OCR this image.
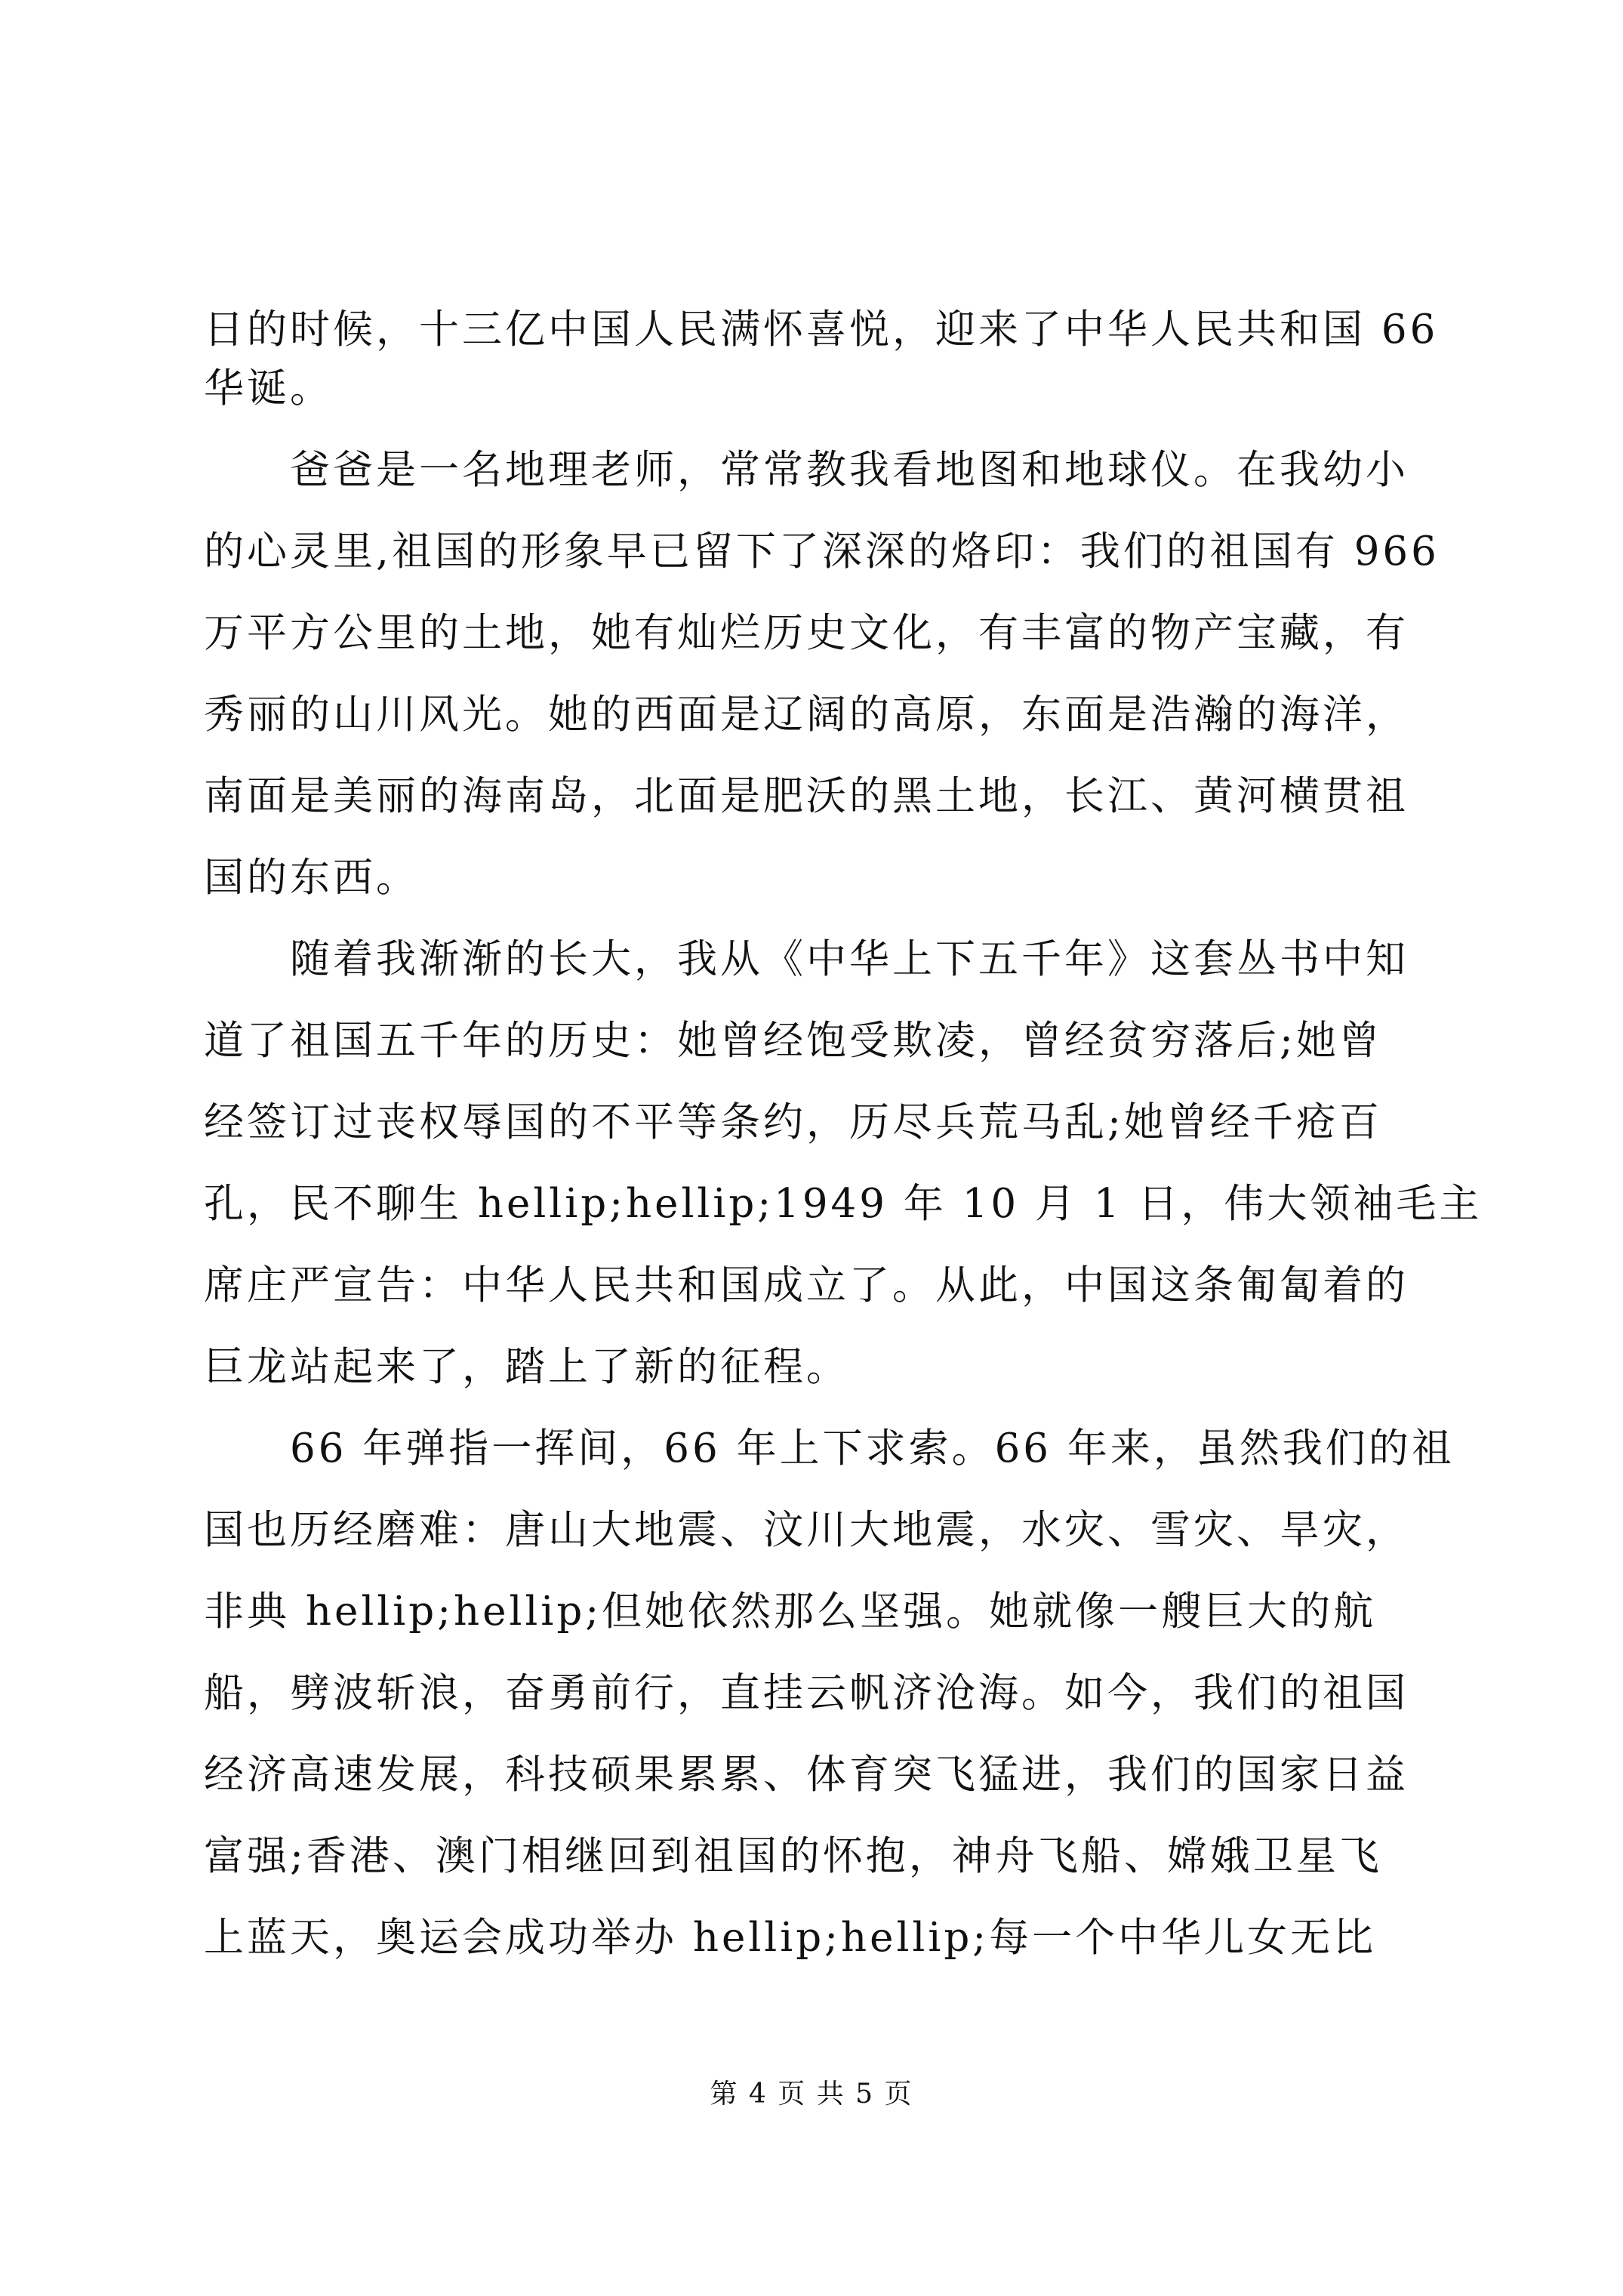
日的时候，十三亿中国人民满怀喜悦，迎来了中华人民共和国 66
华诞。
　　爸爸是一名地理老师，常常教我看地图和地球仪。在我幼小
的心灵里,祖国的形象早已留下了深深的烙印：我们的祖国有 966
万平方公里的土地，她有灿烂历史文化，有丰富的物产宝藏，有
秀丽的山川风光。她的西面是辽阔的高原，东面是浩瀚的海洋，
南面是美丽的海南岛，北面是肥沃的黑土地，长江、黄河横贯祖
国的东西。
　　随着我渐渐的长大，我从《中华上下五千年》这套丛书中知
道了祖国五千年的历史：她曾经饱受欺凌，曾经贫穷落后;她曾
经签订过丧权辱国的不平等条约，历尽兵荒马乱;她曾经千疮百
孔，民不聊生 hellip;hellip;1949 年 10 月 1 日，伟大领袖毛主
席庄严宣告：中华人民共和国成立了。从此，中国这条匍匐着的
巨龙站起来了，踏上了新的征程。
　　66 年弹指一挥间，66 年上下求索。66 年来，虽然我们的祖
国也历经磨难：唐山大地震、汶川大地震，水灾、雪灾、旱灾，
非典 hellip;hellip;但她依然那么坚强。她就像一艘巨大的航
船，劈波斩浪，奋勇前行，直挂云帆济沧海。如今，我们的祖国
经济高速发展，科技硕果累累、体育突飞猛进，我们的国家日益
富强;香港、澳门相继回到祖国的怀抱，神舟飞船、嫦娥卫星飞
上蓝天，奥运会成功举办 hellip;hellip;每一个中华儿女无比
第 4 页 共 5 页
